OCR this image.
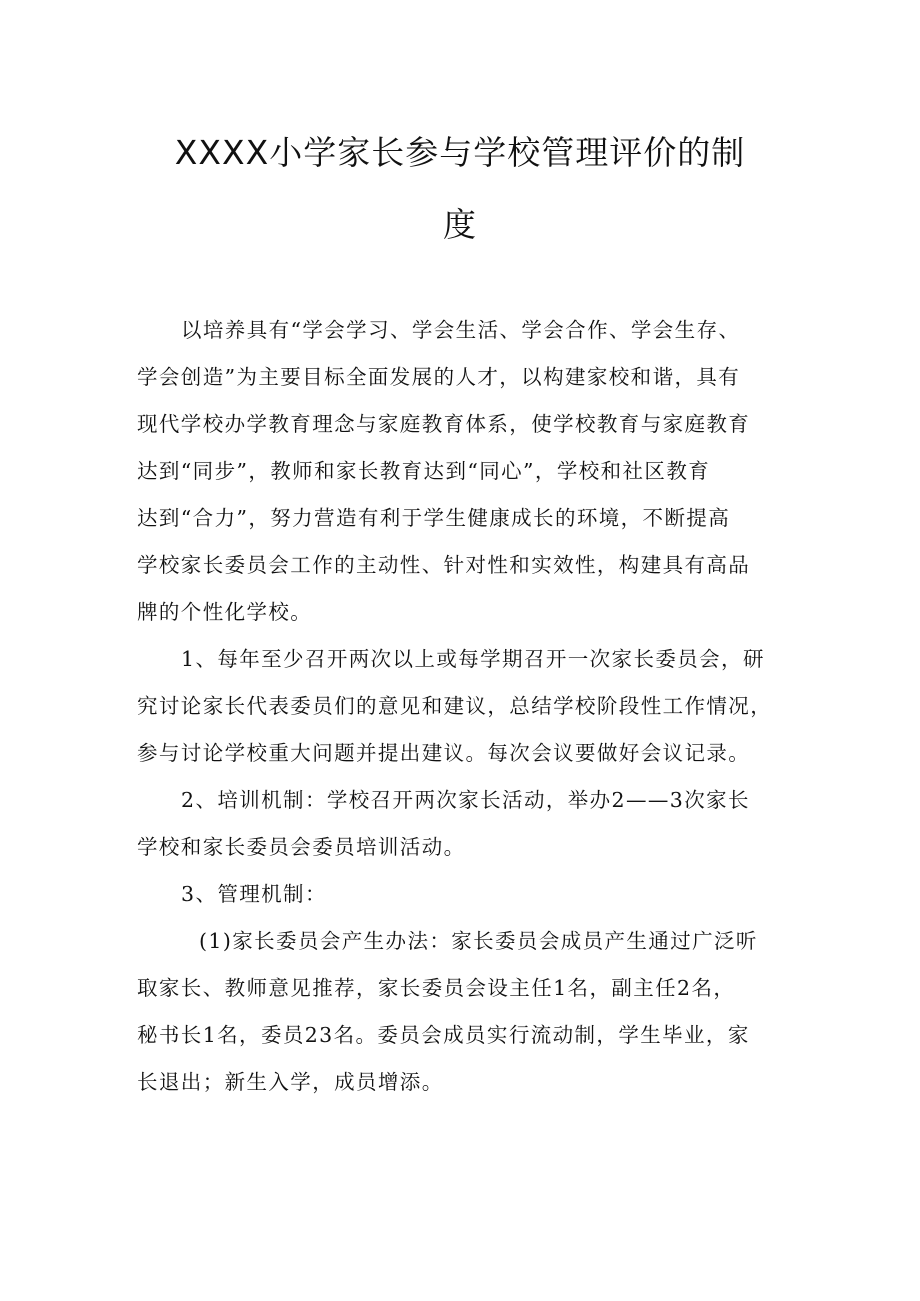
XXXX小学家长参与学校管理评价的制
度

以培养具有“学会学习、学会生活、学会合作、学会生存、
学会创造”为主要目标全面发展的人才，以构建家校和谐，具有
现代学校办学教育理念与家庭教育体系，使学校教育与家庭教育
达到“同步”，教师和家长教育达到“同心”，学校和社区教育
达到“合力”，努力营造有利于学生健康成长的环境，不断提高
学校家长委员会工作的主动性、针对性和实效性，构建具有高品
牌的个性化学校。

1、每年至少召开两次以上或每学期召开一次家长委员会，研
究讨论家长代表委员们的意见和建议，总结学校阶段性工作情况，
参与讨论学校重大问题并提出建议。每次会议要做好会议记录。

2、培训机制：学校召开两次家长活动，举办2——3次家长
学校和家长委员会委员培训活动。

3、管理机制：

(1)家长委员会产生办法：家长委员会成员产生通过广泛听
取家长、教师意见推荐，家长委员会设主任1名，副主任2名，
秘书长1名，委员23名。委员会成员实行流动制，学生毕业，家
长退出；新生入学，成员增添。
